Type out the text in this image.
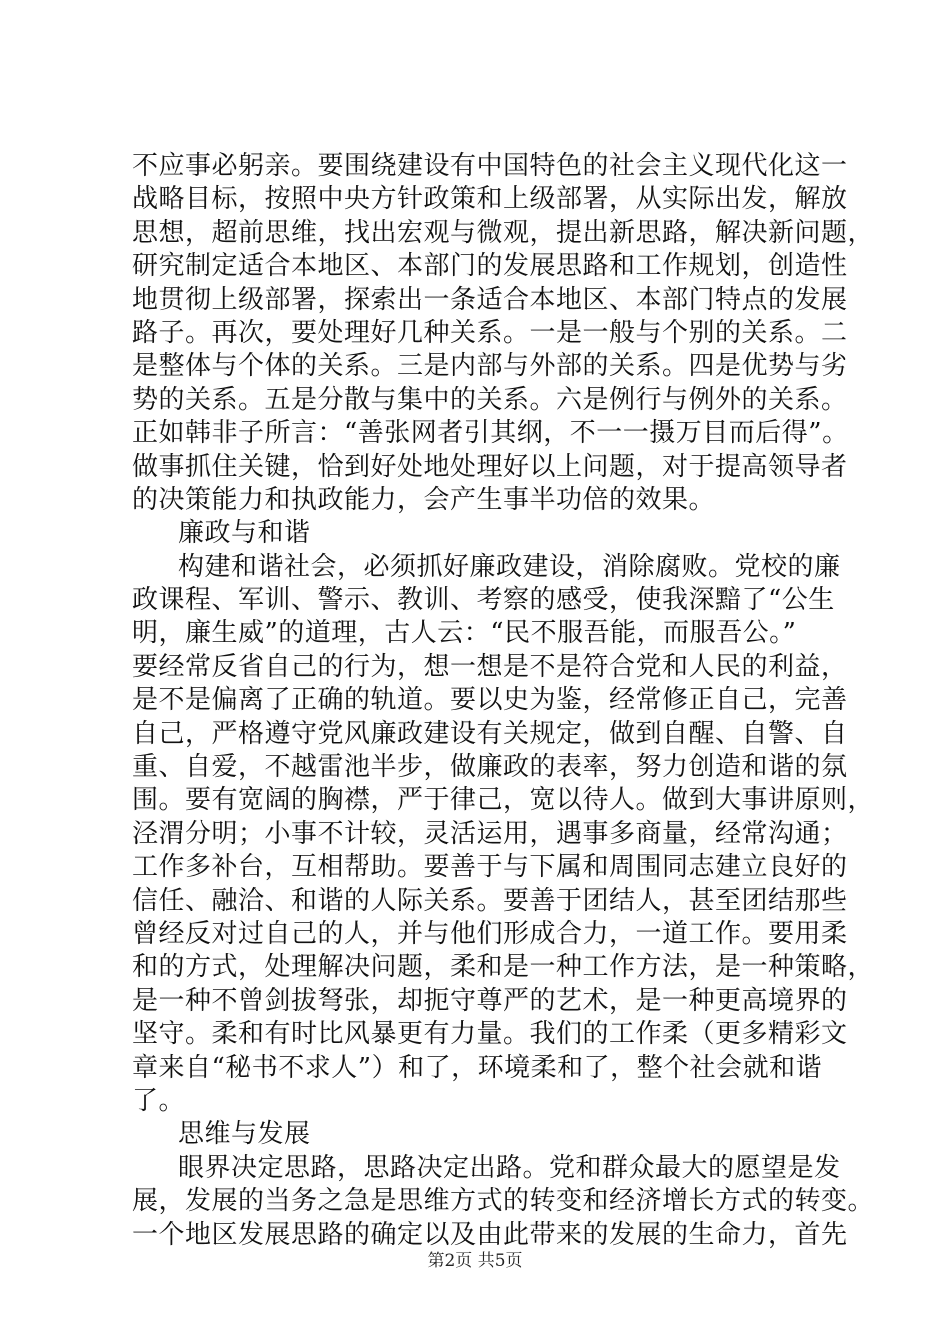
不应事必躬亲。要围绕建设有中国特色的社会主义现代化这一
战略目标，按照中央方针政策和上级部署，从实际出发，解放
思想，超前思维，找出宏观与微观，提出新思路，解决新问题，
研究制定适合本地区、本部门的发展思路和工作规划，创造性
地贯彻上级部署，探索出一条适合本地区、本部门特点的发展
路子。再次，要处理好几种关系。一是一般与个别的关系。二
是整体与个体的关系。三是内部与外部的关系。四是优势与劣
势的关系。五是分散与集中的关系。六是例行与例外的关系。
正如韩非子所言：“善张网者引其纲，不一一摄万目而后得”。
做事抓住关键，恰到好处地处理好以上问题，对于提高领导者
的决策能力和执政能力，会产生事半功倍的效果。
廉政与和谐
构建和谐社会，必须抓好廉政建设，消除腐败。党校的廉
政课程、军训、警示、教训、考察的感受，使我深黯了“公生
明，廉生威”的道理，古人云：“民不服吾能，而服吾公。”
要经常反省自己的行为，想一想是不是符合党和人民的利益，
是不是偏离了正确的轨道。要以史为鉴，经常修正自己，完善
自己，严格遵守党风廉政建设有关规定，做到自醒、自警、自
重、自爱，不越雷池半步，做廉政的表率，努力创造和谐的氛
围。要有宽阔的胸襟，严于律己，宽以待人。做到大事讲原则，
泾渭分明；小事不计较，灵活运用，遇事多商量，经常沟通；
工作多补台，互相帮助。要善于与下属和周围同志建立良好的
信任、融洽、和谐的人际关系。要善于团结人，甚至团结那些
曾经反对过自己的人，并与他们形成合力，一道工作。要用柔
和的方式，处理解决问题，柔和是一种工作方法，是一种策略，
是一种不曾剑拔弩张，却扼守尊严的艺术，是一种更高境界的
坚守。柔和有时比风暴更有力量。我们的工作柔（更多精彩文
章来自“秘书不求人”）和了，环境柔和了，整个社会就和谐
了。
思维与发展
眼界决定思路，思路决定出路。党和群众最大的愿望是发
展，发展的当务之急是思维方式的转变和经济增长方式的转变。
一个地区发展思路的确定以及由此带来的发展的生命力，首先
第2页 共5页
